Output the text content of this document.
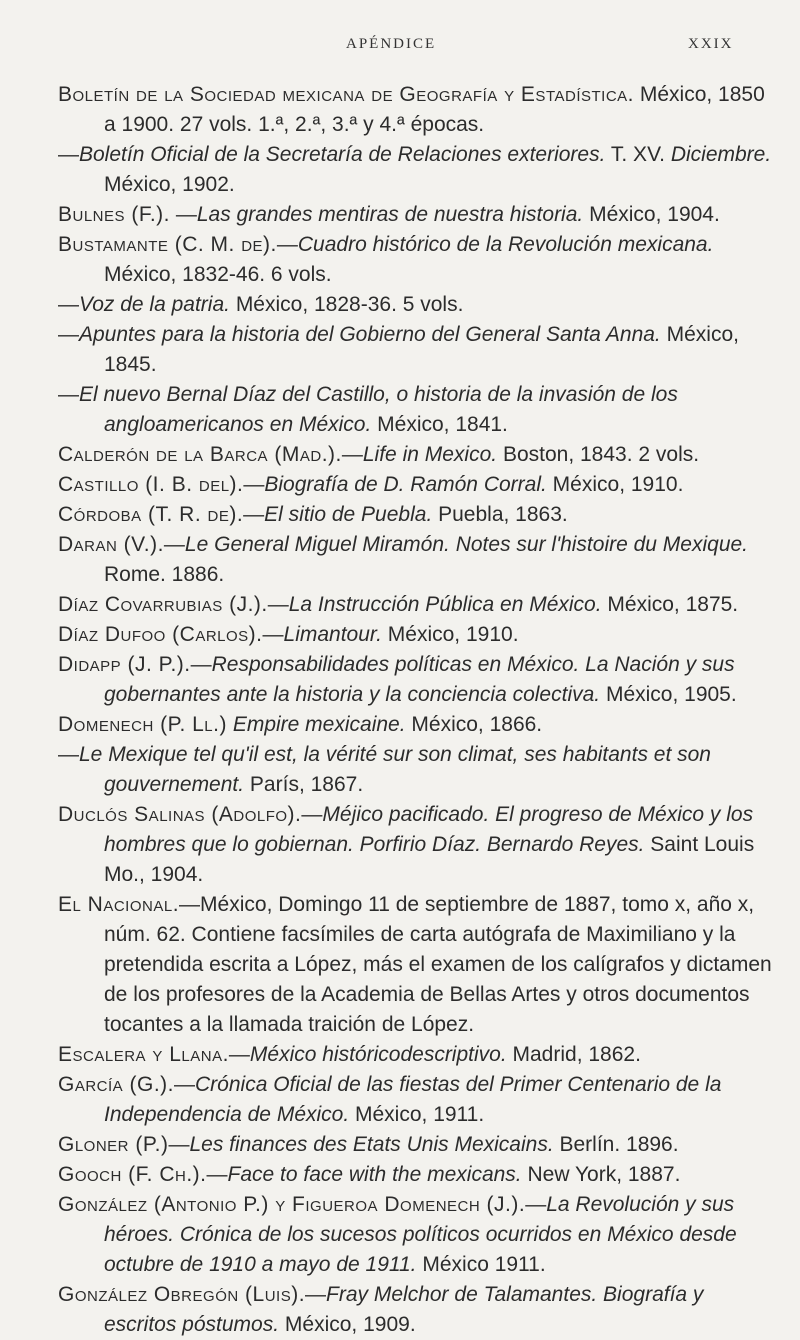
APÉNDICE	XXIX
Boletín de la Sociedad mexicana de Geografía y Estadística. México, 1850 a 1900. 27 vols. 1.ª, 2.ª, 3.ª y 4.ª épocas.
—Boletín Oficial de la Secretaría de Relaciones exteriores. T. XV. Diciembre. México, 1902.
Bulnes (F.). —Las grandes mentiras de nuestra historia. México, 1904.
Bustamante (C. M. de).—Cuadro histórico de la Revolución mexicana. México, 1832-46. 6 vols.
—Voz de la patria. México, 1828-36. 5 vols.
—Apuntes para la historia del Gobierno del General Santa Anna. México, 1845.
—El nuevo Bernal Díaz del Castillo, o historia de la invasión de los angloamericanos en México. México, 1841.
Calderón de la Barca (Mad.).—Life in Mexico. Boston, 1843. 2 vols.
Castillo (I. B. del).—Biografía de D. Ramón Corral. México, 1910.
Córdoba (T. R. de).—El sitio de Puebla. Puebla, 1863.
Daran (V.).—Le General Miguel Miramón. Notes sur l'histoire du Mexique. Rome. 1886.
Díaz Covarrubias (J.).—La Instrucción Pública en México. México, 1875.
Díaz Dufoo (Carlos).—Limantour. México, 1910.
Didapp (J. P.).—Responsabilidades políticas en México. La Nación y sus gobernantes ante la historia y la conciencia colectiva. México, 1905.
Domenech (P. Ll.) Empire mexicaine. México, 1866.
—Le Mexique tel qu'il est, la vérité sur son climat, ses habitants et son gouvernement. París, 1867.
Duclós Salinas (Adolfo).—Méjico pacificado. El progreso de México y los hombres que lo gobiernan. Porfirio Díaz. Bernardo Reyes. Saint Louis Mo., 1904.
El Nacional.—México, Domingo 11 de septiembre de 1887, tomo x, año x, núm. 62. Contiene facsímiles de carta autógrafa de Maximiliano y la pretendida escrita a López, más el examen de los calígrafos y dictamen de los profesores de la Academia de Bellas Artes y otros documentos tocantes a la llamada traición de López.
Escalera y Llana.—México históricodescriptivo. Madrid, 1862.
García (G.).—Crónica Oficial de las fiestas del Primer Centenario de la Independencia de México. México, 1911.
Gloner (P.)—Les finances des Etats Unis Mexicains. Berlín. 1896.
Gooch (F. Ch.).—Face to face with the mexicans. New York, 1887.
González (Antonio P.) y Figueroa Domenech (J.).—La Revolución y sus héroes. Crónica de los sucesos políticos ocurridos en México desde octubre de 1910 a mayo de 1911. México 1911.
González Obregón (Luis).—Fray Melchor de Talamantes. Biografía y escritos póstumos. México, 1909.
